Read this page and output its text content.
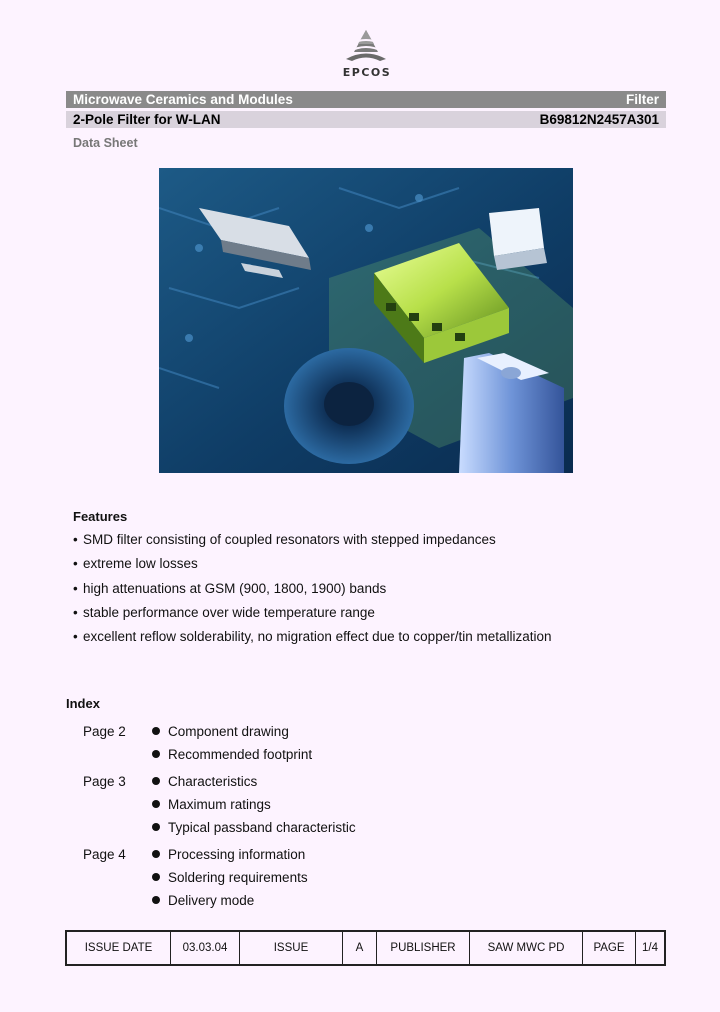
EPCOS
Microwave Ceramics and Modules	Filter
2-Pole Filter for W-LAN	B69812N2457A301
Data Sheet
Features
• SMD filter consisting of coupled resonators with stepped impedances
• extreme low losses
• high attenuations at GSM (900, 1800, 1900) bands
• stable performance over wide temperature range
• excellent reflow solderability, no migration effect due to copper/tin metallization
Index
Page 2	Component drawing
Recommended footprint
Page 3	Characteristics
Maximum ratings
Typical passband characteristic
Page 4	Processing information
Soldering requirements
Delivery mode
ISSUE DATE	03.03.04	ISSUE	A	PUBLISHER	SAW MWC PD	PAGE	1/4
